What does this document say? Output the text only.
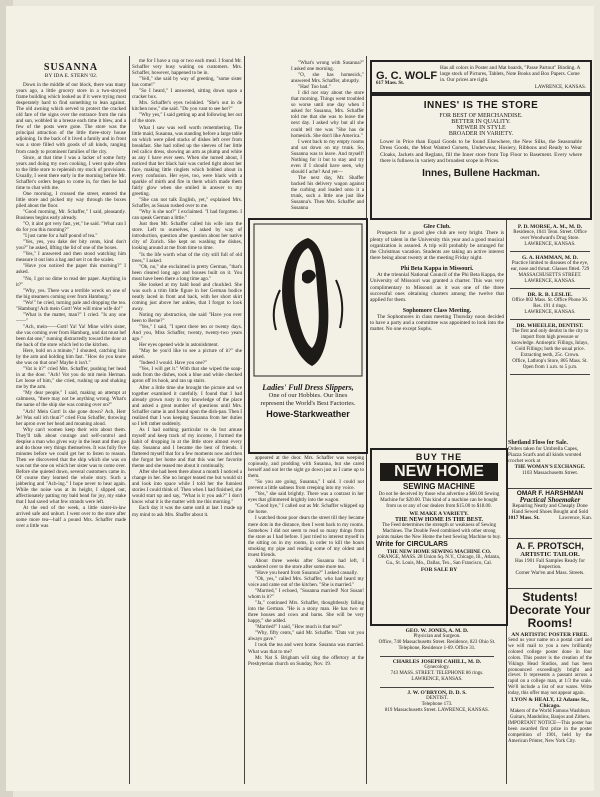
SUSANNA
BY IDA E. STERN '02.

Down in the middle of our block, there was many years ago, a little grocery store in a two-storyed frame building which looked as if it were trying most desperately hard to find something to lean against. The old awning which served to protect the cracked old fare of the signs over the entrance from the rain and sun, wobbled in a breeze each time it blew, and a few of the posts were gone. The store was the principal attraction of the little three-story house adjoining. In the back of it lived a family and in front was a store filled with goods of all kinds, ranging from candy to prominent families of the city.

Since, at that time I was a lacker of some forty years and doing my own cooking, I went quite often to the little store to replenish my stock of provisions. Usually, I went there early in the morning before Mr. Schaffer's orders began to come in, for then he had time to chat with me.

One morning, I crossed the street, entered the little store and picked my way through the boxes piled about the floor.

"Good morning, Mr. Schaffer," I said, pleasantly. Business begins early already.

"O, it aint got very fast, yet," he said. "What can I do for you this morning?"

"I just came for a half pound of tea."

"Yes, yes, you dake der bity cents, kind don't you?" he asked, lifting the lid of one of the boxes.

"Yes," I answered and then stood watching him measure it out into a bag and set it on the scales.

"Have you noticed the paper this morning?" I asked.

"No, I got no dime to read der paper. Anything in it?"

"Why, yes. There was a terrible wreck on one of the big steamers coming over from Hamburg."

"Wo!" he cried, turning pale and dropping the tea. "Hamburg! Ach mein Gott! Wot will mine wife do!"

"What is the matter, man?" I cried. "Is any one——"

"Ach, mein——Gott! Ya! Ya! Mine wife's sister, she vas coming over from Hamburg, und dat must hef been dat one," running distractedly toward the door at the back of the store which led to the kitchen.

Here, hold on a minute," I shouted, catching him by the arm and holding him fast. "How do you know she was on that one? Maybe it isn't."

"Vat is it?" cried Mrs. Schaffer, pushing her head in at the door. "Ach! Vot you do mit mein Herman. Let loose of him," she cried, rushing up and shaking me by the arm.

"My dear people," I said, making an attempt at calmness, "there may not be anything wrong. What's the name of the ship she was coming over on?"

"Ach! Mein Gott! Is she gone down? Ach, Herr Je! Was soll ich thun?" cried Frau Schaffer, throwing her apron over her head and moaning aloud.

Why can't women keep their wits about them. They'll talk about courage and self-control and despise a man who gives way in the least and then go and do those very things themselves. It was fully five minutes before we could get her to listen to reason. Then we discovered that the ship which she was on was not the one on which her sister was to come over. Before she quieted down, several customers came in. Of course they learned the whole story. Such a jabbering and "Ach-ing." I hope never to hear again. While the noise was at its height, I slipped out, affectionately patting my bald head for joy, my stake that I had saved what few strands were left.

At the end of the week, a little sister-in-law arrived safe and unhurt. I went over to the store after some more tea—half a pound Mrs. Schaffer made over a little was

me for I have a cup or two each meal. I found Mr. Schaffer very busy waiting on customers. Mrs. Schaffer, however, happened to be in.

"Yell," she said by way of greeting, "some sister has come!"

"So I heard," I answered, sitting down upon a cracker box.

Mrs. Schaffer's eyes twinkled. "She's out in de kitchen now," she said. "Do you vant to see her?"

"Why yes," I said getting up and following her out of the store.

What I saw was well worth remembering. The little maid, Susanna, was standing before a large table on which were piled stacks of dishes left over from breakfast. She had rolled up the sleeves of her little red calico dress, showing an arm as plump and white as any I have ever seen. When she turned about, I noticed that her black hair was curled tight about her face, making little ringlets which bobbed about in every confusion. Her eyes, too, were black with a sparkle of mirth and fire in them which made them fairly glow when she smiled in answer to my greeting.

"She can not talk English, yet," explained Mrs. Schaffer, as Susan rushed over to me.

"Why is she not?" I exclaimed. "I had forgotten. I can speak German a little."

Just then Mr. Schaffer called his wife into the store. Left to ourselves, I asked by way of introduction, question after question about her native city of Zurich. She kept on washing the dishes, looking around at me from time to time.

"Is the life worth what of the city still full of old trees," I asked.

"Oh, no," she exclaimed in pretty German, "that's been cleared long ago and houses built on it. You must have been there a long time ago."

She looked at my bald head and chuckled. She was such a trim little figure in her German bodice neatly laced in front and back, with her short skirt coming just above her ankles, that I forgot to look away.

Noting my abstraction, she said "Have you ever been to Berne?"

"Yes," I said, "I spent there ten or twenty days. And you, Miss Schaffer, twenty, twenty-two years ago."

Her eyes opened wide in astonishment.

"May be you'd like to see a picture of it?" she asked.

"Indeed I would. Have you one?"

"Yes, I will get it." With that she wiped the soap-suds from the dishes, took a blue and white checked apron off its hook, and ran up stairs.

After a little time she brought the picture and we together examined it carefully. I found that I had already grown rusty in my knowledge of the place and asked a great number of questions until Mrs. Schaffer came in and found upon the dish-pan. Then I realized that I was keeping Susanna from her duties so I left rather suddenly.

As I had nothing particular to do but amuse myself and keep track of my income, I formed the habit of dropping in at the little store almost every day. Susanna and I became the best of friends. I flattered myself that for a few moments now and then she forgot her home and that this was her favorite theme and she teased me about it continually.

After she had been there about a month I noticed a change in her. She no longer teased me but would sit and look into space while I told her the funniest stories I could think of. Then when I had finished, she would start up and say, "What is it you ask?" I don't know what it is the matter with me this morning."

Each day it was the same until at last I made up my mind to ask Mrs. Shaffer about it.

"What's wrong with Susanna?" I asked one morning.

"O, she has homesick," answered Mrs. Schaffer, abruptly.

"Has! Too bad."

I did not stay about the store that morning. Things went troubled so worse until one day when I asked for Susanna, Mrs. Schaffer told me that she was to leave the next day. I asked why but all she could tell me was "She has de homesick. She don't like America."

I went back to my empty rooms and sat down on my trunk. So, Susanna was to leave. And myself! Nothing for it but to stay and try even if I should have seen, why should I ache? And yet—

The next day, Mr. Shaffer backed his delivery wagon against the curbing and loaded onto it a trunk, such a little one just like Susanna's. Then Mrs. Schaffer and Susanna

Ladies' Full Dress Slippers,
One of our Hobbies. Our lines represent the World's Best Factories.
Howe-Starkweather

appeared at the door. Mrs. Schaffer was weeping copiously, and prodding with Susanna, but she cared herself and not let the sight go down just as I came up to them.

"So you are going, Susanna," I said. I could not prevent a little sadness from creeping into my voice.

"Yes," she said brightly. There was a contrast in her eyes that glimmered brightly into the wagon.

"Good bye," I called out as Mr. Schaffer whipped up the horse.

I watched those poor dears the street till they became mere dots in the distance, then I went back to my rooms. Somehow I did not seem to read so many things from the store as I had before. I just tried to interest myself in the sitting on in my rooms, in order to kill the hours smoking my pipe and reading some of my oldest and truest friends.

About three weeks after Susanna had left, I wandered over to the store after some more tea.

"Have you heard from Susanna?" I asked casually.

"Oh, yes," called Mrs. Schaffer, who had heard my voice and came out of the kitchen. "She is married."

"Married," I echoed, "Susanna married! Not Susan! whom is it?"

"Ja," continued Mrs. Schaffer, thoughtlessly falling into the German. "He is a stony man. He has two or three houses and cows and barns. She will be very happy," she added.

"Married!" I said, "How much is that tea?"

"Why, fifty cents," said Mr. Schaffer. "Dats vot you always gave."

I took the tea and went home. Susanna was married. What was that to me?

Mr. Nat S. Brigham will sing the offertory at the Presbyterian church on Sunday, Nov. 19.

G. C. WOLF
617 Mass. St.
Has all colors in Poster and Mat boards, "Passe Partout" Binding. A large stock of Pictures, Tablets, Note Books and Box Papers. Come in. Our prices are right.
LAWRENCE, KANSAS.
INNES' IS THE STORE
FOR BEST OF MERCHANDISE.
BETTER IN QUALITY.
NEWER IN STYLE
BROADER IN VARIETY.
Lower in Price than Equal Goods to be found Elsewhere, the New Silks, the Seasonable Dress Goods, the Most Wanted Corsets, Underwear, Hosiery, Ribbons and Ready to Wear Cloaks, Jackets and Reglans, fill the Inner store from Top Floor to Basement. Every where there is fullness in variety and broadest scope in Prices.
Innes, Bullene Hackman.
Glee Club.

Prospects for a good glee club are very bright. There is plenty of talent in the University this year and a good musical organization is assured. A trip will probably be arranged for the Christmas vacation. Students are taking an active interest there being about twenty at the meeting Friday night.

Phi Beta Kappa in Missouri.

At the triennial National Council of the Phi Beta Kappa, the University of Missouri was granted a charter. This was very complimentary to Missouri as it was one of the three successful ones obtaining charters among the twelve that applied for them.

Sophomore Class Meeting.

The Sophomores in class meeting Thursday noon decided to have a party and a committee was appointed to look into the matter. No one except Sophs.

BUY THE
NEW HOME
SEWING MACHINE
Do not be deceived by those who advertise a $60.00 Sewing Machine for $20.00. This kind of a machine can be bought from us or any of our dealers from $15.00 to $18.00.
WE MAKE A VARIETY.
THE NEW HOME IS THE BEST.
The Feed determines the strength or weakness of Sewing Machines. The Double Feed combined with other strong points makes the New Home the best Sewing Machine to buy.
Write for CIRCULARS
THE NEW HOME SEWING MACHINE CO.
ORANGE, MASS. 28 Union Sq. N.Y., Chicago, Ill., Atlanta, Ga., St. Louis, Mo., Dallas, Tex., San Francisco, Cal.
FOR SALE BY
GEO. W. JONES, A. M. D.
Physician and Surgeon.
Office, 740 Massachusetts Street. Residence, 823 Ohio St.
Telephone, Residence 1-69. Office 31.
CHARLES JOSEPH CAHILL, M. D.
Gynecology.
743 MASS. STREET. TELEPHONE 86 rings.
LAWRENCE, KANSAS.
J. W. O'BRYON, D. D. S.
DENTIST.
Telephone 173.
819 Massachusetts Street. LAWRENCE, KANSAS.
P. D. MORSE, A. M., M. D.
Residence, 1041 Tenn. Street. Office over Woodward's Drug Store.
LAWRENCE, KANSAS.
G. A. HAMMAN, M. D.
Practice limited to diseases of the eye, ear, nose and throat. Glasses fitted. 729 MASSACHUSETTS STREET.
LAWRENCE, KANSAS.
DR. R. B. LESLIE.
Office 802 Mass. St. Office Phone 36. Res. 191 4 rings.
LAWRENCE, KANSAS.
DR. WHEELER, DENTIST.
The first and only dentist in the city to import from high pressure or knowledge. Antiseptic Fillings, Inlays, Gold Fillings; both the usual price. Extracting teeth, 25c. Crown.
Office, Lathrop's Store, 805 Mass. St. Open from 1 a.m. to 5 p.m.
Shetland Floss for Sale.
Orders taken for Umbrella Capes, Piazza Scarfs and all kinds worsted crochet work at
THE WOMAN'S EXCHANGE.
1103 Massachusetts Street.
OMAR F. HARSHMAN
Practical Shoemaker
Repairing Neatly and Cheaply Done
Hand Sewed Shoes Bought and Sold
1017 Mass. St.	Lawrence, Kan.
A. F. PROTSCH,
ARTISTIC TAILOR.
Has 1901 Fall Samples Ready for Inspection.
Corner War'en and Mass. Streets.
Students! Decorate Your Rooms!
AN ARTISTIC POSTER FREE.
Send us your name on a postal card and we will mail to you a new brilliantly colored college poster done in four colors. This poster is the creation of the Vikings Head Studios, and has been pronounced exceedingly bright and clever. It represents a passant across a rapid on a college man, at 1/3 the scale. We'll include a list of our wares. Write today, this offer may not appear again.
LYON & HEALY, 12 Adams St., Chicago.
Makers of the World Famous Washburn Guitars, Mandolins, Banjos and Zithers.
IMPORTANT NOTICE—This poster has been awarded first prize in the poster competition of 1901, held by the American Printer, New York City.
